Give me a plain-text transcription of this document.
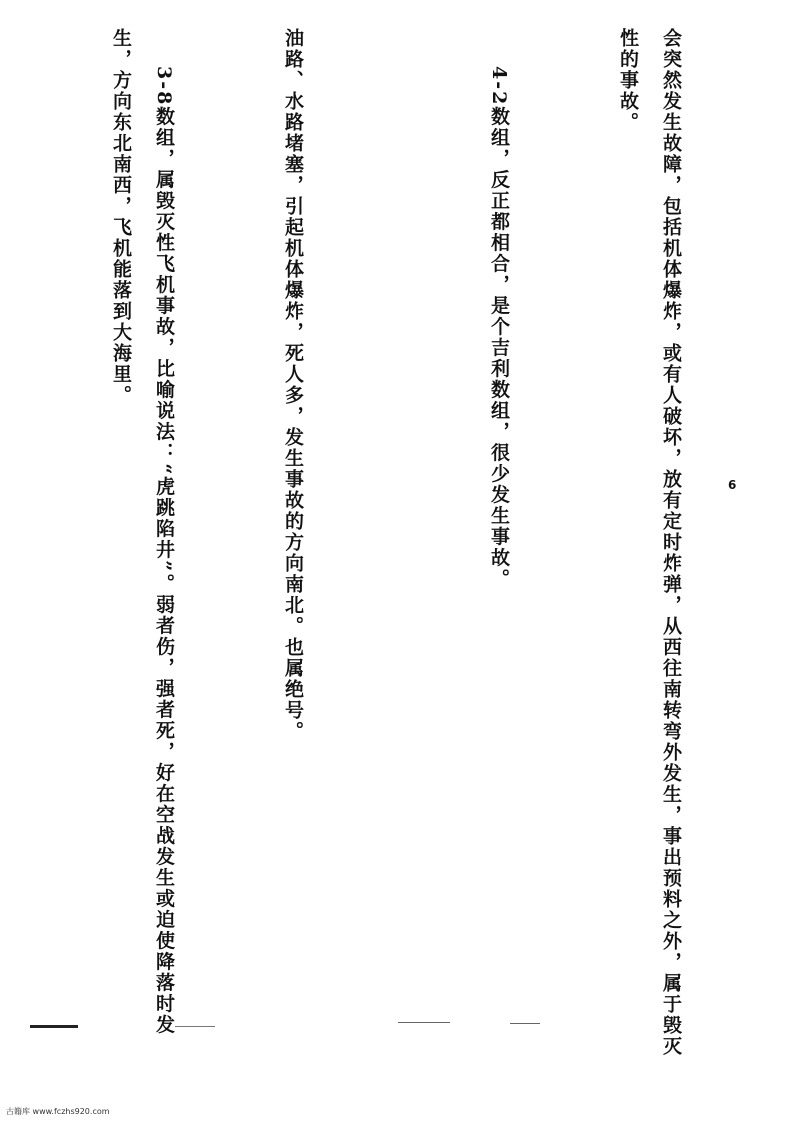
会突然发生故障，包括机体爆炸，或有人破坏，放有定时炸弹，从西往南转弯外发生，事出预料之外，属于毁灭性的事故。

4-2数组，反正都相合，是个吉利数组，很少发生事故。

油路、水路堵塞，引起机体爆炸，死人多，发生事故的方向南北。也属绝号。

3-8数组，属毁灭性飞机事故，比喻说法：“虎跳陷井”。弱者伤，强者死，好在空战发生或迫使降落时发生，方向东北南西，飞机能落到大海里。

6
古籍库 www.fczhs920.com
